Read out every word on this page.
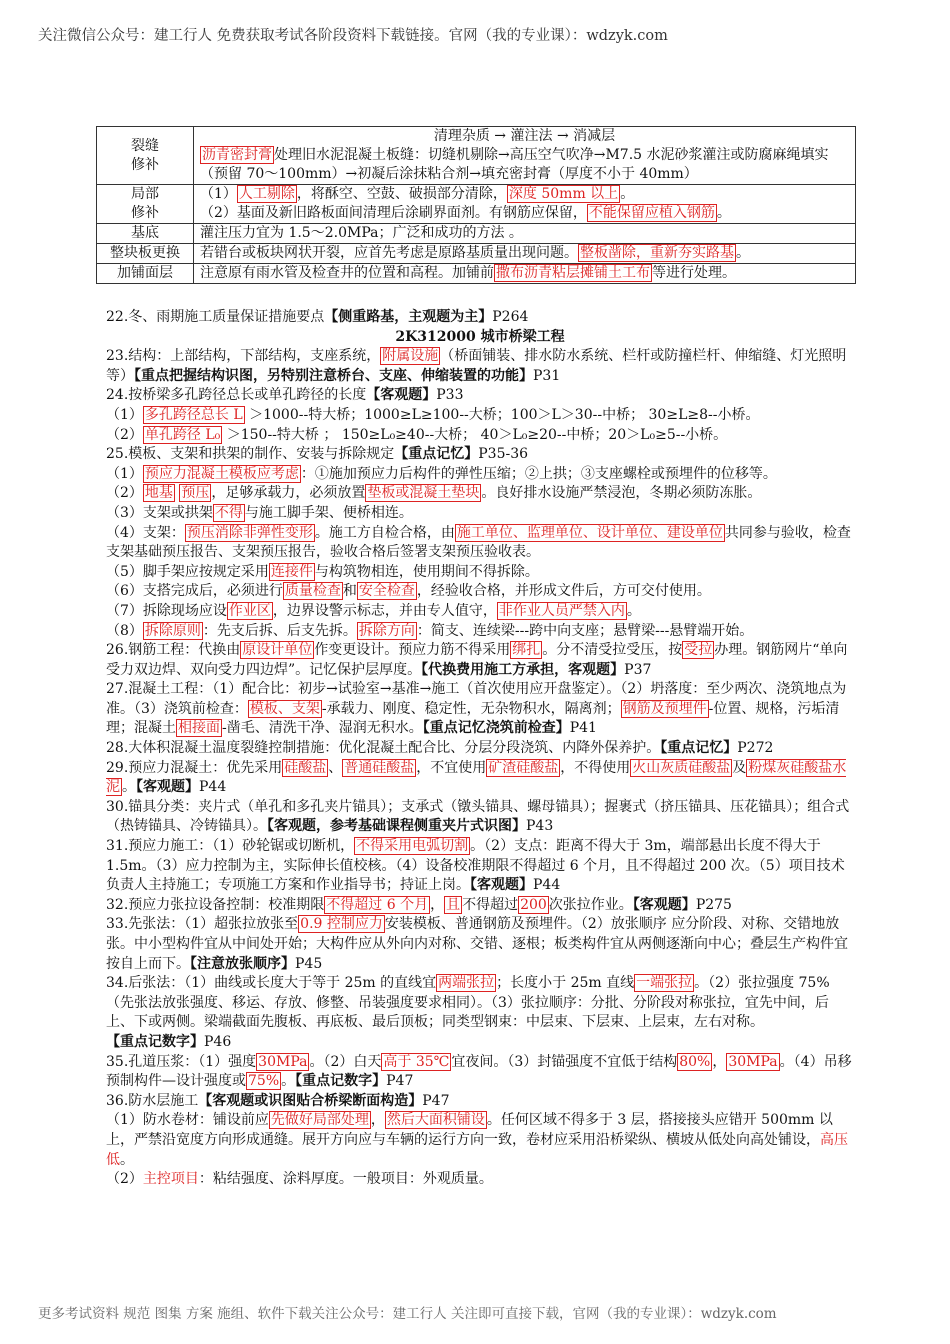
关注微信公众号：建工行人 免费获取考试各阶段资料下载链接。官网（我的专业课）：wdzyk.com
裂缝
修补	清理杂质 → 灌注法 → 消减层
沥青密封膏 处理旧水泥混凝土板缝：切缝机剔除→高压空气吹净→M7.5 水泥砂浆灌注或防腐麻绳填实（预留 70～100mm）→初凝后涂抹粘合剂→填充密封膏（厚度不小于 40mm）
局部
修补	（1） 人工剔除 ，将酥空、空鼓、破损部分清除， 深度 50mm 以上 。
（2）基面及新旧路板面间清理后涂刷界面剂。有钢筋应保留， 不能保留应植入钢筋 。
基底	灌注压力宜为 1.5～2.0MPa；广泛和成功的方法 。
整块板更换	若错台或板块网状开裂，应首先考虑是原路基质量出现问题。 整板凿除，重新夯实路基 。
加铺面层	注意原有雨水管及检查井的位置和高程。加铺前 撒布沥青粘层摊铺土工布 等进行处理。

22.冬、雨期施工质量保证措施要点【侧重路基，主观题为主】P264

2K312000 城市桥梁工程

23.结构：上部结构，下部结构，支座系统， 附属设施 （桥面铺装、排水防水系统、栏杆或防撞栏杆、伸缩缝、灯光照明等）【重点把握结构识图，另特别注意桥台、支座、伸缩装置的功能】P31

24.按桥梁多孔跨径总长或单孔跨径的长度【客观题】P33

（1） 多孔跨径总长 L ＞1000--特大桥；1000≥L≥100--大桥；100＞L＞30--中桥； 30≥L≥8--小桥。

（2） 单孔跨径 L₀ ＞150--特大桥 ； 150≥L₀≥40--大桥； 40＞L₀≥20--中桥；20＞L₀≥5--小桥。

25.模板、支架和拱架的制作、安装与拆除规定【重点记忆】P35-36

（1） 预应力混凝土模板应考虑 ：①施加预应力后构件的弹性压缩；②上拱；③支座螺栓或预埋件的位移等。

（2） 地基 预压 ，足够承载力，必须放置 垫板或混凝土垫块 。良好排水设施严禁浸泡，冬期必须防冻胀。

（3）支架或拱架 不得 与施工脚手架、便桥相连。

（4）支架： 预压消除非弹性变形 。施工方自检合格，由 施工单位、监理单位、设计单位、建设单位 共同参与验收，检查支架基础预压报告、支架预压报告，验收合格后签署支架预压验收表。

（5）脚手架应按规定采用 连接件 与构筑物相连，使用期间不得拆除。

（6）支搭完成后，必须进行 质量检查 和 安全检查 ，经验收合格，并形成文件后，方可交付使用。

（7）拆除现场应设 作业区 ，边界设警示标志，并由专人值守， 非作业人员严禁入内 。

（8） 拆除原则 ：先支后拆、后支先拆。 拆除方向 ：简支、连续梁---跨中向支座；悬臂梁---悬臂端开始。

26.钢筋工程：代换由 原设计单位 作变更设计。预应力筋不得采用 绑扎 。分不清受拉受压，按 受拉 办理。钢筋网片“单向受力双边焊、双向受力四边焊”。记忆保护层厚度。【代换费用施工方承担，客观题】P37

27.混凝土工程：（1）配合比：初步→试验室→基准→施工（首次使用应开盘鉴定）。（2）坍落度：至少两次、浇筑地点为准。（3）浇筑前检查： 模板、支架 -承载力、刚度、稳定性，无杂物积水，隔离剂； 钢筋及预埋件 -位置、规格，污垢清理；混凝土 相接面 -凿毛、清洗干净、湿润无积水。【重点记忆浇筑前检查】P41

28.大体积混凝土温度裂缝控制措施：优化混凝土配合比、分层分段浇筑、内降外保养护。【重点记忆】P272

29.预应力混凝土：优先采用 硅酸盐 、 普通硅酸盐 ，不宜使用 矿渣硅酸盐 ，不得使用 火山灰质硅酸盐 及 粉煤灰硅酸盐水泥 。【客观题】P44

30.锚具分类：夹片式（单孔和多孔夹片锚具）；支承式（镦头锚具、螺母锚具）；握裹式（挤压锚具、压花锚具）；组合式（热铸锚具、冷铸锚具）。【客观题，参考基础课程侧重夹片式识图】P43

31.预应力施工：（1）砂轮锯或切断机， 不得采用电弧切割 。（2）支点：距离不得大于 3m，端部悬出长度不得大于 1.5m。（3）应力控制为主，实际伸长值校核。（4）设备校准期限不得超过 6 个月，且不得超过 200 次。（5）项目技术负责人主持施工；专项施工方案和作业指导书；持证上岗。【客观题】P44

32.预应力张拉设备控制：校准期限 不得超过 6 个月 ， 且 不得超过 200 次张拉作业。【客观题】P275

33.先张法：（1）超张拉放张至 0.9 控制应力 安装模板、普通钢筋及预埋件。（2）放张顺序 应分阶段、对称、交错地放张。中小型构件宜从中间处开始；大构件应从外向内对称、交错、逐根；板类构件宜从两侧逐渐向中心；叠层生产构件宜按自上而下。【注意放张顺序】P45

34.后张法：（1）曲线或长度大于等于 25m 的直线宜 两端张拉 ；长度小于 25m 直线 一端张拉 。（2）张拉强度 75%（先张法放张强度、移运、存放、修整、吊装强度要求相同）。（3）张拉顺序：分批、分阶段对称张拉，宜先中间，后上、下或两侧。梁端截面先腹板、再底板、最后顶板；同类型钢束：中层束、下层束、上层束，左右对称。【重点记数字】P46

35.孔道压浆：（1）强度 30MPa 。（2）白天 高于 35℃ 宜夜间。（3）封锚强度不宜低于结构 80% ， 30MPa 。（4）吊移预制构件—设计强度或 75% 。【重点记数字】P47

36.防水层施工【客观题或识图贴合桥梁断面构造】P47

（1）防水卷材：铺设前应 先做好局部处理 ， 然后大面积铺设 。任何区域不得多于 3 层，搭接接头应错开 500mm 以上，严禁沿宽度方向形成通缝。展开方向应与车辆的运行方向一致，卷材应采用沿桥梁纵、横坡从低处向高处铺设，高压低。

（2）主控项目：粘结强度、涂料厚度。一般项目：外观质量。

更多考试资料 规范 图集 方案 施组、软件下载关注公众号：建工行人 关注即可直接下载，官网（我的专业课）：wdzyk.com
